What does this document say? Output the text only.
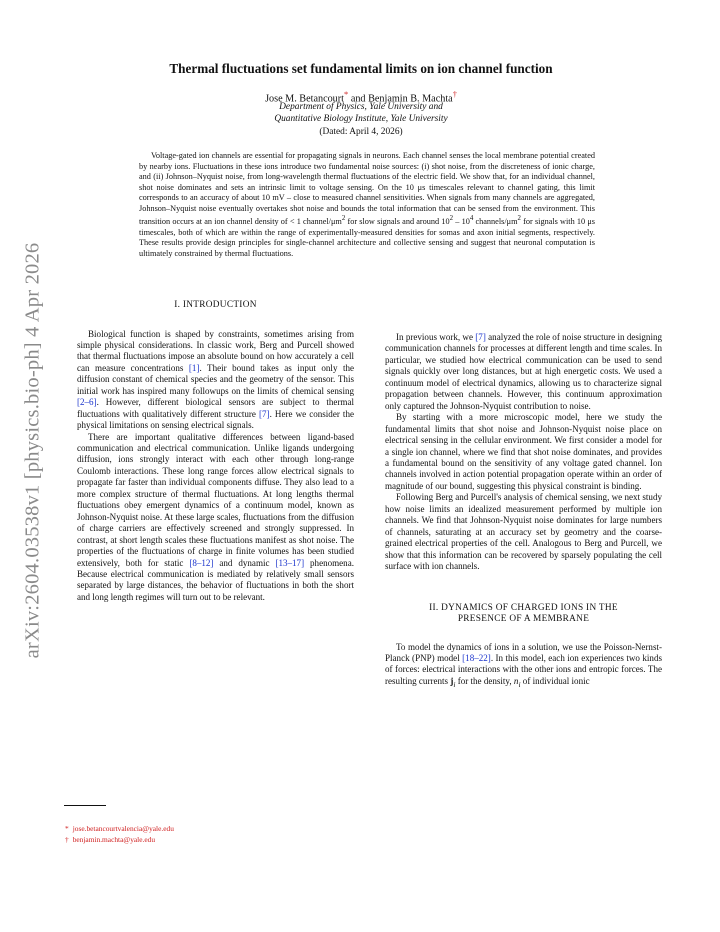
arXiv:2604.03538v1 [physics.bio-ph] 4 Apr 2026
Thermal fluctuations set fundamental limits on ion channel function
Jose M. Betancourt* and Benjamin B. Machta†
Department of Physics, Yale University and
Quantitative Biology Institute, Yale University
(Dated: April 4, 2026)
Voltage-gated ion channels are essential for propagating signals in neurons. Each channel senses the local membrane potential created by nearby ions. Fluctuations in these ions introduce two fundamental noise sources: (i) shot noise, from the discreteness of ionic charge, and (ii) Johnson–Nyquist noise, from long-wavelength thermal fluctuations of the electric field. We show that, for an individual channel, shot noise dominates and sets an intrinsic limit to voltage sensing. On the 10 μs timescales relevant to channel gating, this limit corresponds to an accuracy of about 10 mV – close to measured channel sensitivities. When signals from many channels are aggregated, Johnson–Nyquist noise eventually overtakes shot noise and bounds the total information that can be sensed from the environment. This transition occurs at an ion channel density of < 1 channel/$\mu m^2$ for slow signals and around $10^2 - 10^4$ channels/$\mu m^2$ for signals with 10 μs timescales, both of which are within the range of experimentally-measured densities for somas and axon initial segments, respectively. These results provide design principles for single-channel architecture and collective sensing and suggest that neuronal computation is ultimately constrained by thermal fluctuations.
I. INTRODUCTION

Biological function is shaped by constraints, sometimes arising from simple physical considerations. In classic work, Berg and Purcell showed that thermal fluctuations impose an absolute bound on how accurately a cell can measure concentrations [1]. Their bound takes as input only the diffusion constant of chemical species and the geometry of the sensor. This initial work has inspired many followups on the limits of chemical sensing [2–6]. However, different biological sensors are subject to thermal fluctuations with qualitatively different structure [7]. Here we consider the physical limitations on sensing electrical signals.

There are important qualitative differences between ligand-based communication and electrical communication. Unlike ligands undergoing diffusion, ions strongly interact with each other through long-range Coulomb interactions. These long range forces allow electrical signals to propagate far faster than individual components diffuse. They also lead to a more complex structure of thermal fluctuations. At long lengths thermal fluctuations obey emergent dynamics of a continuum model, known as Johnson-Nyquist noise. At these large scales, fluctuations from the diffusion of charge carriers are effectively screened and strongly suppressed. In contrast, at short length scales these fluctuations manifest as shot noise. The properties of the fluctuations of charge in finite volumes has been studied extensively, both for static [8–12] and dynamic [13–17] phenomena. Because electrical communication is mediated by relatively small sensors separated by large distances, the behavior of fluctuations in both the short and long length regimes will turn out to be relevant.

In previous work, we [7] analyzed the role of noise structure in designing communication channels for processes at different length and time scales. In particular, we studied how electrical communication can be used to send signals quickly over long distances, but at high energetic costs. We used a continuum model of electrical dynamics, allowing us to characterize signal propagation between channels. However, this continuum approximation only captured the Johnson-Nyquist contribution to noise.

By starting with a more microscopic model, here we study the fundamental limits that shot noise and Johnson-Nyquist noise place on electrical sensing in the cellular environment. We first consider a model for a single ion channel, where we find that shot noise dominates, and provides a fundamental bound on the sensitivity of any voltage gated channel. Ion channels involved in action potential propagation operate within an order of magnitude of our bound, suggesting this physical constraint is binding.

Following Berg and Purcell's analysis of chemical sensing, we next study how noise limits an idealized measurement performed by multiple ion channels. We find that Johnson-Nyquist noise dominates for large numbers of channels, saturating at an accuracy set by geometry and the coarse-grained electrical properties of the cell. Analogous to Berg and Purcell, we show that this information can be recovered by sparsely populating the cell surface with ion channels.

II. DYNAMICS OF CHARGED IONS IN THE
PRESENCE OF A MEMBRANE

To model the dynamics of ions in a solution, we use the Poisson-Nernst-Planck (PNP) model [18–22]. In this model, each ion experiences two kinds of forces: electrical interactions with the other ions and entropic forces. The resulting currents $j_i$ for the density, $n_i$ of individual ionic

* jose.betancourtvalencia@yale.edu
† benjamin.machta@yale.edu
